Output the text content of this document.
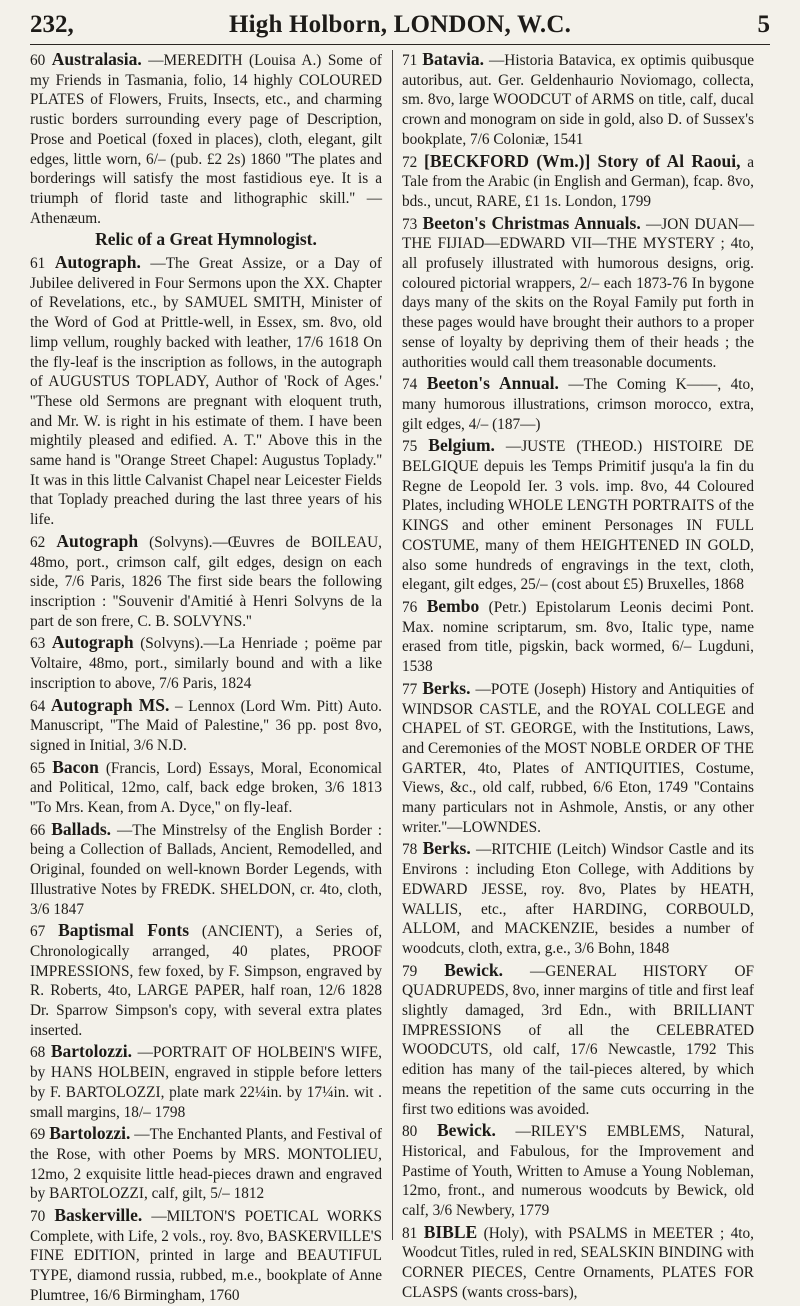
232,	High Holborn, LONDON, W.C.	5

60 Australasia. —MEREDITH (Louisa A.) Some of my Friends in Tasmania, folio, 14 highly COLOURED PLATES of Flowers, Fruits, Insects, etc., and charming rustic borders surrounding every page of Description, Prose and Poetical (foxed in places), cloth, elegant, gilt edges, little worn, 6/– (pub. £2 2s) 1860 ''The plates and borderings will satisfy the most fastidious eye. It is a triumph of florid taste and lithographic skill.'' —Athenæum.

Relic of a Great Hymnologist.

61 Autograph. —The Great Assize, or a Day of Jubilee delivered in Four Sermons upon the XX. Chapter of Revelations, etc., by SAMUEL SMITH, Minister of the Word of God at Prittle-well, in Essex, sm. 8vo, old limp vellum, roughly backed with leather, 17/6 1618 On the fly-leaf is the inscription as follows, in the autograph of AUGUSTUS TOPLADY, Author of 'Rock of Ages.' ''These old Sermons are pregnant with eloquent truth, and Mr. W. is right in his estimate of them. I have been mightily pleased and edified. A. T.'' Above this in the same hand is ''Orange Street Chapel: Augustus Toplady.'' It was in this little Calvanist Chapel near Leicester Fields that Toplady preached during the last three years of his life.

62 Autograph (Solvyns).—Œuvres de BOILEAU, 48mo, port., crimson calf, gilt edges, design on each side, 7/6 Paris, 1826 The first side bears the following inscription : ''Souvenir d'Amitié à Henri Solvyns de la part de son frere, C. B. SOLVYNS.''

63 Autograph (Solvyns).—La Henriade ; poëme par Voltaire, 48mo, port., similarly bound and with a like inscription to above, 7/6 Paris, 1824

64 Autograph MS. – Lennox (Lord Wm. Pitt) Auto. Manuscript, ''The Maid of Palestine,'' 36 pp. post 8vo, signed in Initial, 3/6 N.D.

65 Bacon (Francis, Lord) Essays, Moral, Economical and Political, 12mo, calf, back edge broken, 3/6 1813 ''To Mrs. Kean, from A. Dyce,'' on fly-leaf.

66 Ballads. —The Minstrelsy of the English Border : being a Collection of Ballads, Ancient, Remodelled, and Original, founded on well-known Border Legends, with Illustrative Notes by FREDK. SHELDON, cr. 4to, cloth, 3/6 1847

67 Baptismal Fonts (ANCIENT), a Series of, Chronologically arranged, 40 plates, PROOF IMPRESSIONS, few foxed, by F. Simpson, engraved by R. Roberts, 4to, LARGE PAPER, half roan, 12/6 1828 Dr. Sparrow Simpson's copy, with several extra plates inserted.

68 Bartolozzi. —PORTRAIT OF HOLBEIN'S WIFE, by HANS HOLBEIN, engraved in stipple before letters by F. BARTOLOZZI, plate mark 22¼in. by 17¼in. wit . small margins, 18/– 1798

69 Bartolozzi. —The Enchanted Plants, and Festival of the Rose, with other Poems by MRS. MONTOLIEU, 12mo, 2 exquisite little head-pieces drawn and engraved by BARTOLOZZI, calf, gilt, 5/– 1812

70 Baskerville. —MILTON'S POETICAL WORKS Complete, with Life, 2 vols., roy. 8vo, BASKERVILLE'S FINE EDITION, printed in large and BEAUTIFUL TYPE, diamond russia, rubbed, m.e., bookplate of Anne Plumtree, 16/6 Birmingham, 1760

71 Batavia. —Historia Batavica, ex optimis quibusque autoribus, aut. Ger. Geldenhaurio Noviomago, collecta, sm. 8vo, large WOODCUT of ARMS on title, calf, ducal crown and monogram on side in gold, also D. of Sussex's bookplate, 7/6 Coloniæ, 1541

72 [BECKFORD (Wm.)] Story of Al Raoui, a Tale from the Arabic (in English and German), fcap. 8vo, bds., uncut, RARE, £1 1s. London, 1799

73 Beeton's Christmas Annuals. —JON DUAN—THE FIJIAD—EDWARD VII—THE MYSTERY ; 4to, all profusely illustrated with humorous designs, orig. coloured pictorial wrappers, 2/– each 1873-76 In bygone days many of the skits on the Royal Family put forth in these pages would have brought their authors to a proper sense of loyalty by depriving them of their heads ; the authorities would call them treasonable documents.

74 Beeton's Annual. —The Coming K——, 4to, many humorous illustrations, crimson morocco, extra, gilt edges, 4/– (187—)

75 Belgium. —JUSTE (THEOD.) HISTOIRE DE BELGIQUE depuis les Temps Primitif jusqu'a la fin du Regne de Leopold Ier. 3 vols. imp. 8vo, 44 Coloured Plates, including WHOLE LENGTH PORTRAITS of the KINGS and other eminent Personages IN FULL COSTUME, many of them HEIGHTENED IN GOLD, also some hundreds of engravings in the text, cloth, elegant, gilt edges, 25/– (cost about £5) Bruxelles, 1868

76 Bembo (Petr.) Epistolarum Leonis decimi Pont. Max. nomine scriptarum, sm. 8vo, Italic type, name erased from title, pigskin, back wormed, 6/– Lugduni, 1538

77 Berks. —POTE (Joseph) History and Antiquities of WINDSOR CASTLE, and the ROYAL COLLEGE and CHAPEL of ST. GEORGE, with the Institutions, Laws, and Ceremonies of the MOST NOBLE ORDER OF THE GARTER, 4to, Plates of ANTIQUITIES, Costume, Views, &c., old calf, rubbed, 6/6 Eton, 1749 ''Contains many particulars not in Ashmole, Anstis, or any other writer.''—LOWNDES.

78 Berks. —RITCHIE (Leitch) Windsor Castle and its Environs : including Eton College, with Additions by EDWARD JESSE, roy. 8vo, Plates by HEATH, WALLIS, etc., after HARDING, CORBOULD, ALLOM, and MACKENZIE, besides a number of woodcuts, cloth, extra, g.e., 3/6 Bohn, 1848

79 Bewick. —GENERAL HISTORY OF QUADRUPEDS, 8vo, inner margins of title and first leaf slightly damaged, 3rd Edn., with BRILLIANT IMPRESSIONS of all the CELEBRATED WOODCUTS, old calf, 17/6 Newcastle, 1792 This edition has many of the tail-pieces altered, by which means the repetition of the same cuts occurring in the first two editions was avoided.

80 Bewick. —RILEY'S EMBLEMS, Natural, Historical, and Fabulous, for the Improvement and Pastime of Youth, Written to Amuse a Young Nobleman, 12mo, front., and numerous woodcuts by Bewick, old calf, 3/6 Newbery, 1779

81 BIBLE (Holy), with PSALMS in MEETER ; 4to, Woodcut Titles, ruled in red, SEALSKIN BINDING with CORNER PIECES, Centre Ornaments, PLATES FOR CLASPS (wants cross-bars),
